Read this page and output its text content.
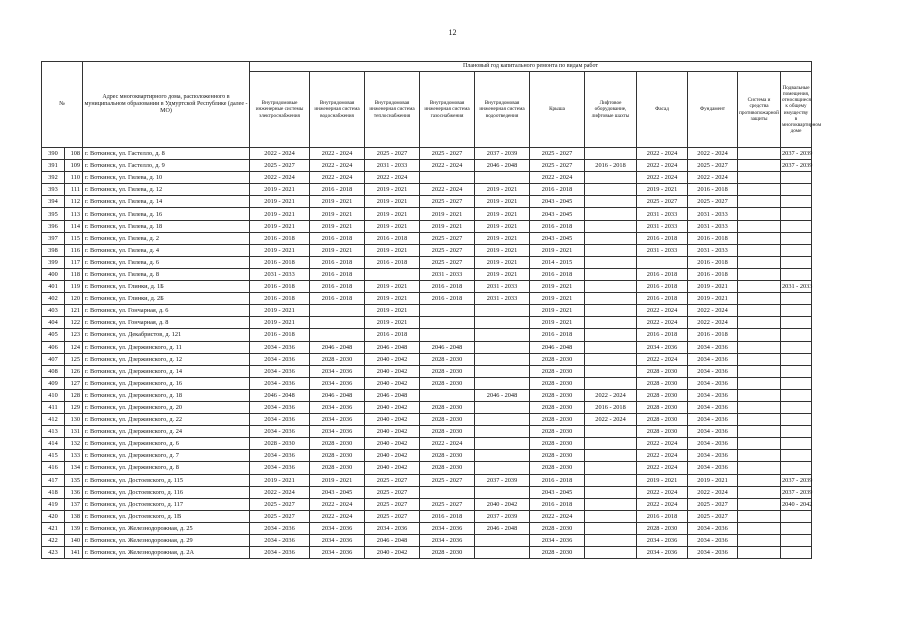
12
№		Адрес многоквартирного дома, расположенного в муниципальном образовании в Удмуртской Республике (далее - МО)	Плановый год капитального ремонта по видам работ										
			Внутридомовые инженерные системы электроснабжения	Внутридомовая инженерная система водоснабжения	Внутридомовая инженерная система теплоснабжения	Внутридомовая инженерная система газоснабжения	Внутридомовая инженерная система водоотведения	Крыша	Лифтовое оборудование, лифтовые шахты	Фасад	Фундамент	Система и средства противопожарной защиты	Подвальные помещения, относящиеся к общему имуществу в многоквартирном доме
390	108	г. Воткинск, ул. Гастелло, д. 8	2022 - 2024	2022 - 2024	2025 - 2027	2025 - 2027	2037 - 2039	2025 - 2027		2022 - 2024	2022 - 2024		2037 - 2039
391	109	г. Воткинск, ул. Гастелло, д. 9	2025 - 2027	2022 - 2024	2031 - 2033	2022 - 2024	2046 - 2048	2025 - 2027	2016 - 2018	2022 - 2024	2025 - 2027		2037 - 2039
392	110	г. Воткинск, ул. Гилева, д. 10	2022 - 2024	2022 - 2024	2022 - 2024			2022 - 2024		2022 - 2024	2022 - 2024		
393	111	г. Воткинск, ул. Гилева, д. 12	2019 - 2021	2016 - 2018	2019 - 2021	2022 - 2024	2019 - 2021	2016 - 2018		2019 - 2021	2016 - 2018		
394	112	г. Воткинск, ул. Гилева, д. 14	2019 - 2021	2019 - 2021	2019 - 2021	2025 - 2027	2019 - 2021	2043 - 2045		2025 - 2027	2025 - 2027		
395	113	г. Воткинск, ул. Гилева, д. 16	2019 - 2021	2019 - 2021	2019 - 2021	2019 - 2021	2019 - 2021	2043 - 2045		2031 - 2033	2031 - 2033		
396	114	г. Воткинск, ул. Гилева, д. 18	2019 - 2021	2019 - 2021	2019 - 2021	2019 - 2021	2019 - 2021	2016 - 2018		2031 - 2033	2031 - 2033		
397	115	г. Воткинск, ул. Гилева, д. 2	2016 - 2018	2016 - 2018	2016 - 2018	2025 - 2027	2019 - 2021	2043 - 2045		2016 - 2018	2016 - 2018		
398	116	г. Воткинск, ул. Гилева, д. 4	2019 - 2021	2019 - 2021	2019 - 2021	2025 - 2027	2019 - 2021	2019 - 2021		2031 - 2033	2031 - 2033		
399	117	г. Воткинск, ул. Гилева, д. 6	2016 - 2018	2016 - 2018	2016 - 2018	2025 - 2027	2019 - 2021	2014 - 2015			2016 - 2018		
400	118	г. Воткинск, ул. Гилева, д. 8	2031 - 2033	2016 - 2018		2031 - 2033	2019 - 2021	2016 - 2018		2016 - 2018	2016 - 2018		
401	119	г. Воткинск, ул. Глинки, д. 1Б	2016 - 2018	2016 - 2018	2019 - 2021	2016 - 2018	2031 - 2033	2019 - 2021		2016 - 2018	2019 - 2021		2031 - 2033
402	120	г. Воткинск, ул. Глинки, д. 2Б	2016 - 2018	2016 - 2018	2019 - 2021	2016 - 2018	2031 - 2033	2019 - 2021		2016 - 2018	2019 - 2021		
403	121	г. Воткинск, ул. Гончарная, д. 6	2019 - 2021		2019 - 2021			2019 - 2021		2022 - 2024	2022 - 2024		
404	122	г. Воткинск, ул. Гончарная, д. 8	2019 - 2021		2019 - 2021			2019 - 2021		2022 - 2024	2022 - 2024		
405	123	г. Воткинск, ул. Декабристов, д. 121	2016 - 2018		2016 - 2018			2016 - 2018		2016 - 2018	2016 - 2018		
406	124	г. Воткинск, ул. Дзержинского, д. 11	2034 - 2036	2046 - 2048	2046 - 2048	2046 - 2048		2046 - 2048		2034 - 2036	2034 - 2036		
407	125	г. Воткинск, ул. Дзержинского, д. 12	2034 - 2036	2028 - 2030	2040 - 2042	2028 - 2030		2028 - 2030		2022 - 2024	2034 - 2036		
408	126	г. Воткинск, ул. Дзержинского, д. 14	2034 - 2036	2034 - 2036	2040 - 2042	2028 - 2030		2028 - 2030		2028 - 2030	2034 - 2036		
409	127	г. Воткинск, ул. Дзержинского, д. 16	2034 - 2036	2034 - 2036	2040 - 2042	2028 - 2030		2028 - 2030		2028 - 2030	2034 - 2036		
410	128	г. Воткинск, ул. Дзержинского, д. 18	2046 - 2048	2046 - 2048	2046 - 2048		2046 - 2048	2028 - 2030	2022 - 2024	2028 - 2030	2034 - 2036		
411	129	г. Воткинск, ул. Дзержинского, д. 20	2034 - 2036	2034 - 2036	2040 - 2042	2028 - 2030		2028 - 2030	2016 - 2018	2028 - 2030	2034 - 2036		
412	130	г. Воткинск, ул. Дзержинского, д. 22	2034 - 2036	2034 - 2036	2040 - 2042	2028 - 2030		2028 - 2030	2022 - 2024	2028 - 2030	2034 - 2036		
413	131	г. Воткинск, ул. Дзержинского, д. 24	2034 - 2036	2034 - 2036	2040 - 2042	2028 - 2030		2028 - 2030		2028 - 2030	2034 - 2036		
414	132	г. Воткинск, ул. Дзержинского, д. 6	2028 - 2030	2028 - 2030	2040 - 2042	2022 - 2024		2028 - 2030		2022 - 2024	2034 - 2036		
415	133	г. Воткинск, ул. Дзержинского, д. 7	2034 - 2036	2028 - 2030	2040 - 2042	2028 - 2030		2028 - 2030		2022 - 2024	2034 - 2036		
416	134	г. Воткинск, ул. Дзержинского, д. 8	2034 - 2036	2028 - 2030	2040 - 2042	2028 - 2030		2028 - 2030		2022 - 2024	2034 - 2036		
417	135	г. Воткинск, ул. Достоевского, д. 115	2019 - 2021	2019 - 2021	2025 - 2027	2025 - 2027	2037 - 2039	2016 - 2018		2019 - 2021	2019 - 2021		2037 - 2039
418	136	г. Воткинск, ул. Достоевского, д. 116	2022 - 2024	2043 - 2045	2025 - 2027			2043 - 2045		2022 - 2024	2022 - 2024		2037 - 2039
419	137	г. Воткинск, ул. Достоевского, д. 117	2025 - 2027	2022 - 2024	2025 - 2027	2025 - 2027	2040 - 2042	2016 - 2018		2022 - 2024	2025 - 2027		2040 - 2042
420	138	г. Воткинск, ул. Достоевского, д. 1В	2025 - 2027	2022 - 2024	2025 - 2027	2016 - 2018	2037 - 2039	2022 - 2024		2016 - 2018	2025 - 2027		
421	139	г. Воткинск, ул. Железнодорожная, д. 25	2034 - 2036	2034 - 2036	2034 - 2036	2034 - 2036	2046 - 2048	2028 - 2030		2028 - 2030	2034 - 2036		
422	140	г. Воткинск, ул. Железнодорожная, д. 29	2034 - 2036	2034 - 2036	2046 - 2048	2034 - 2036		2034 - 2036		2034 - 2036	2034 - 2036		
423	141	г. Воткинск, ул. Железнодорожная, д. 2А	2034 - 2036	2034 - 2036	2040 - 2042	2028 - 2030		2028 - 2030		2034 - 2036	2034 - 2036		
